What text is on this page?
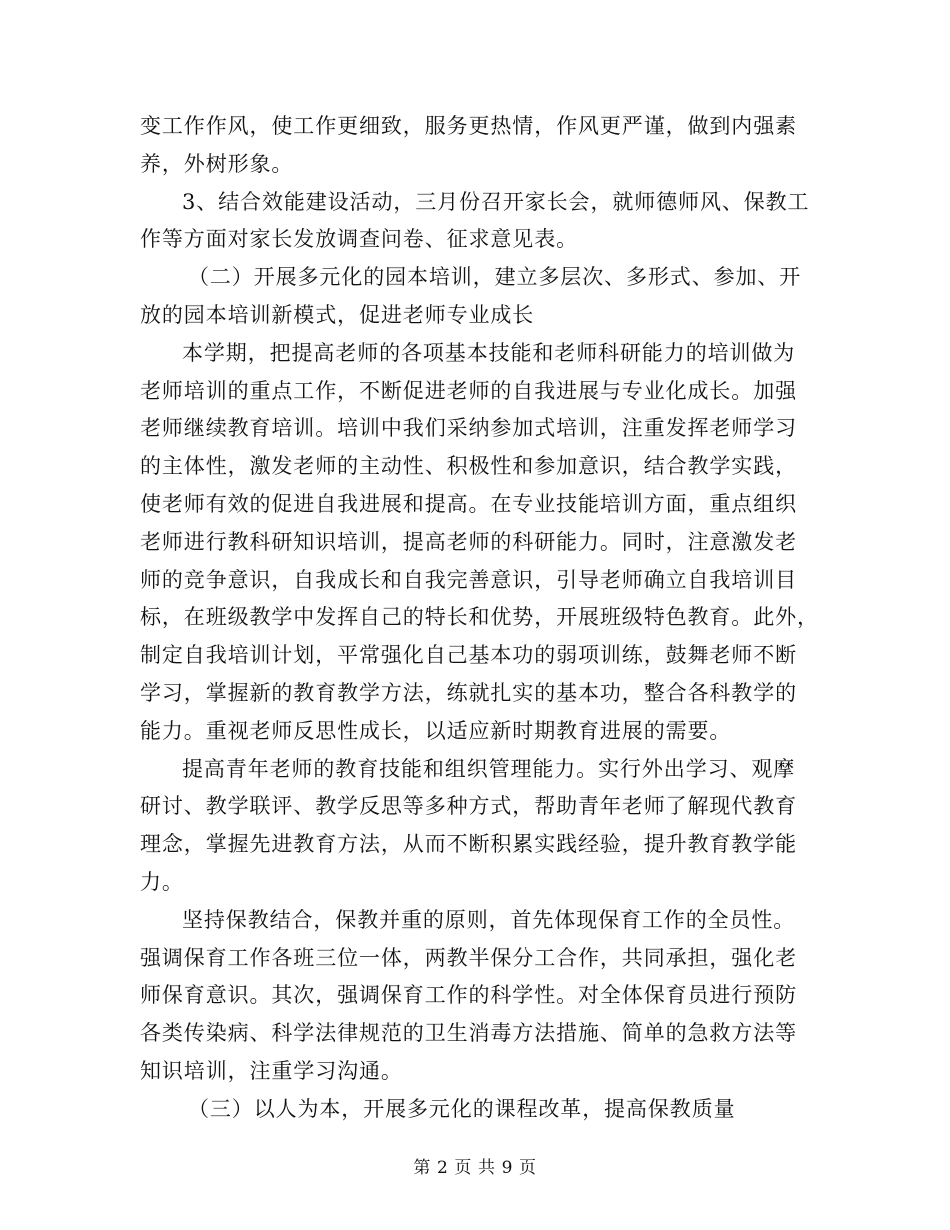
变工作作风，使工作更细致，服务更热情，作风更严谨，做到内强素
养，外树形象。
3、结合效能建设活动，三月份召开家长会，就师德师风、保教工
作等方面对家长发放调查问卷、征求意见表。
（二）开展多元化的园本培训，建立多层次、多形式、参加、开
放的园本培训新模式，促进老师专业成长
本学期，把提高老师的各项基本技能和老师科研能力的培训做为
老师培训的重点工作，不断促进老师的自我进展与专业化成长。加强
老师继续教育培训。培训中我们采纳参加式培训，注重发挥老师学习
的主体性，激发老师的主动性、积极性和参加意识，结合教学实践，
使老师有效的促进自我进展和提高。在专业技能培训方面，重点组织
老师进行教科研知识培训，提高老师的科研能力。同时，注意激发老
师的竞争意识，自我成长和自我完善意识，引导老师确立自我培训目
标，在班级教学中发挥自己的特长和优势，开展班级特色教育。此外，
制定自我培训计划，平常强化自己基本功的弱项训练，鼓舞老师不断
学习，掌握新的教育教学方法，练就扎实的基本功，整合各科教学的
能力。重视老师反思性成长，以适应新时期教育进展的需要。
提高青年老师的教育技能和组织管理能力。实行外出学习、观摩
研讨、教学联评、教学反思等多种方式，帮助青年老师了解现代教育
理念，掌握先进教育方法，从而不断积累实践经验，提升教育教学能
力。
坚持保教结合，保教并重的原则，首先体现保育工作的全员性。
强调保育工作各班三位一体，两教半保分工合作，共同承担，强化老
师保育意识。其次，强调保育工作的科学性。对全体保育员进行预防
各类传染病、科学法律规范的卫生消毒方法措施、简单的急救方法等
知识培训，注重学习沟通。
（三）以人为本，开展多元化的课程改革，提高保教质量
第 2 页 共 9 页
